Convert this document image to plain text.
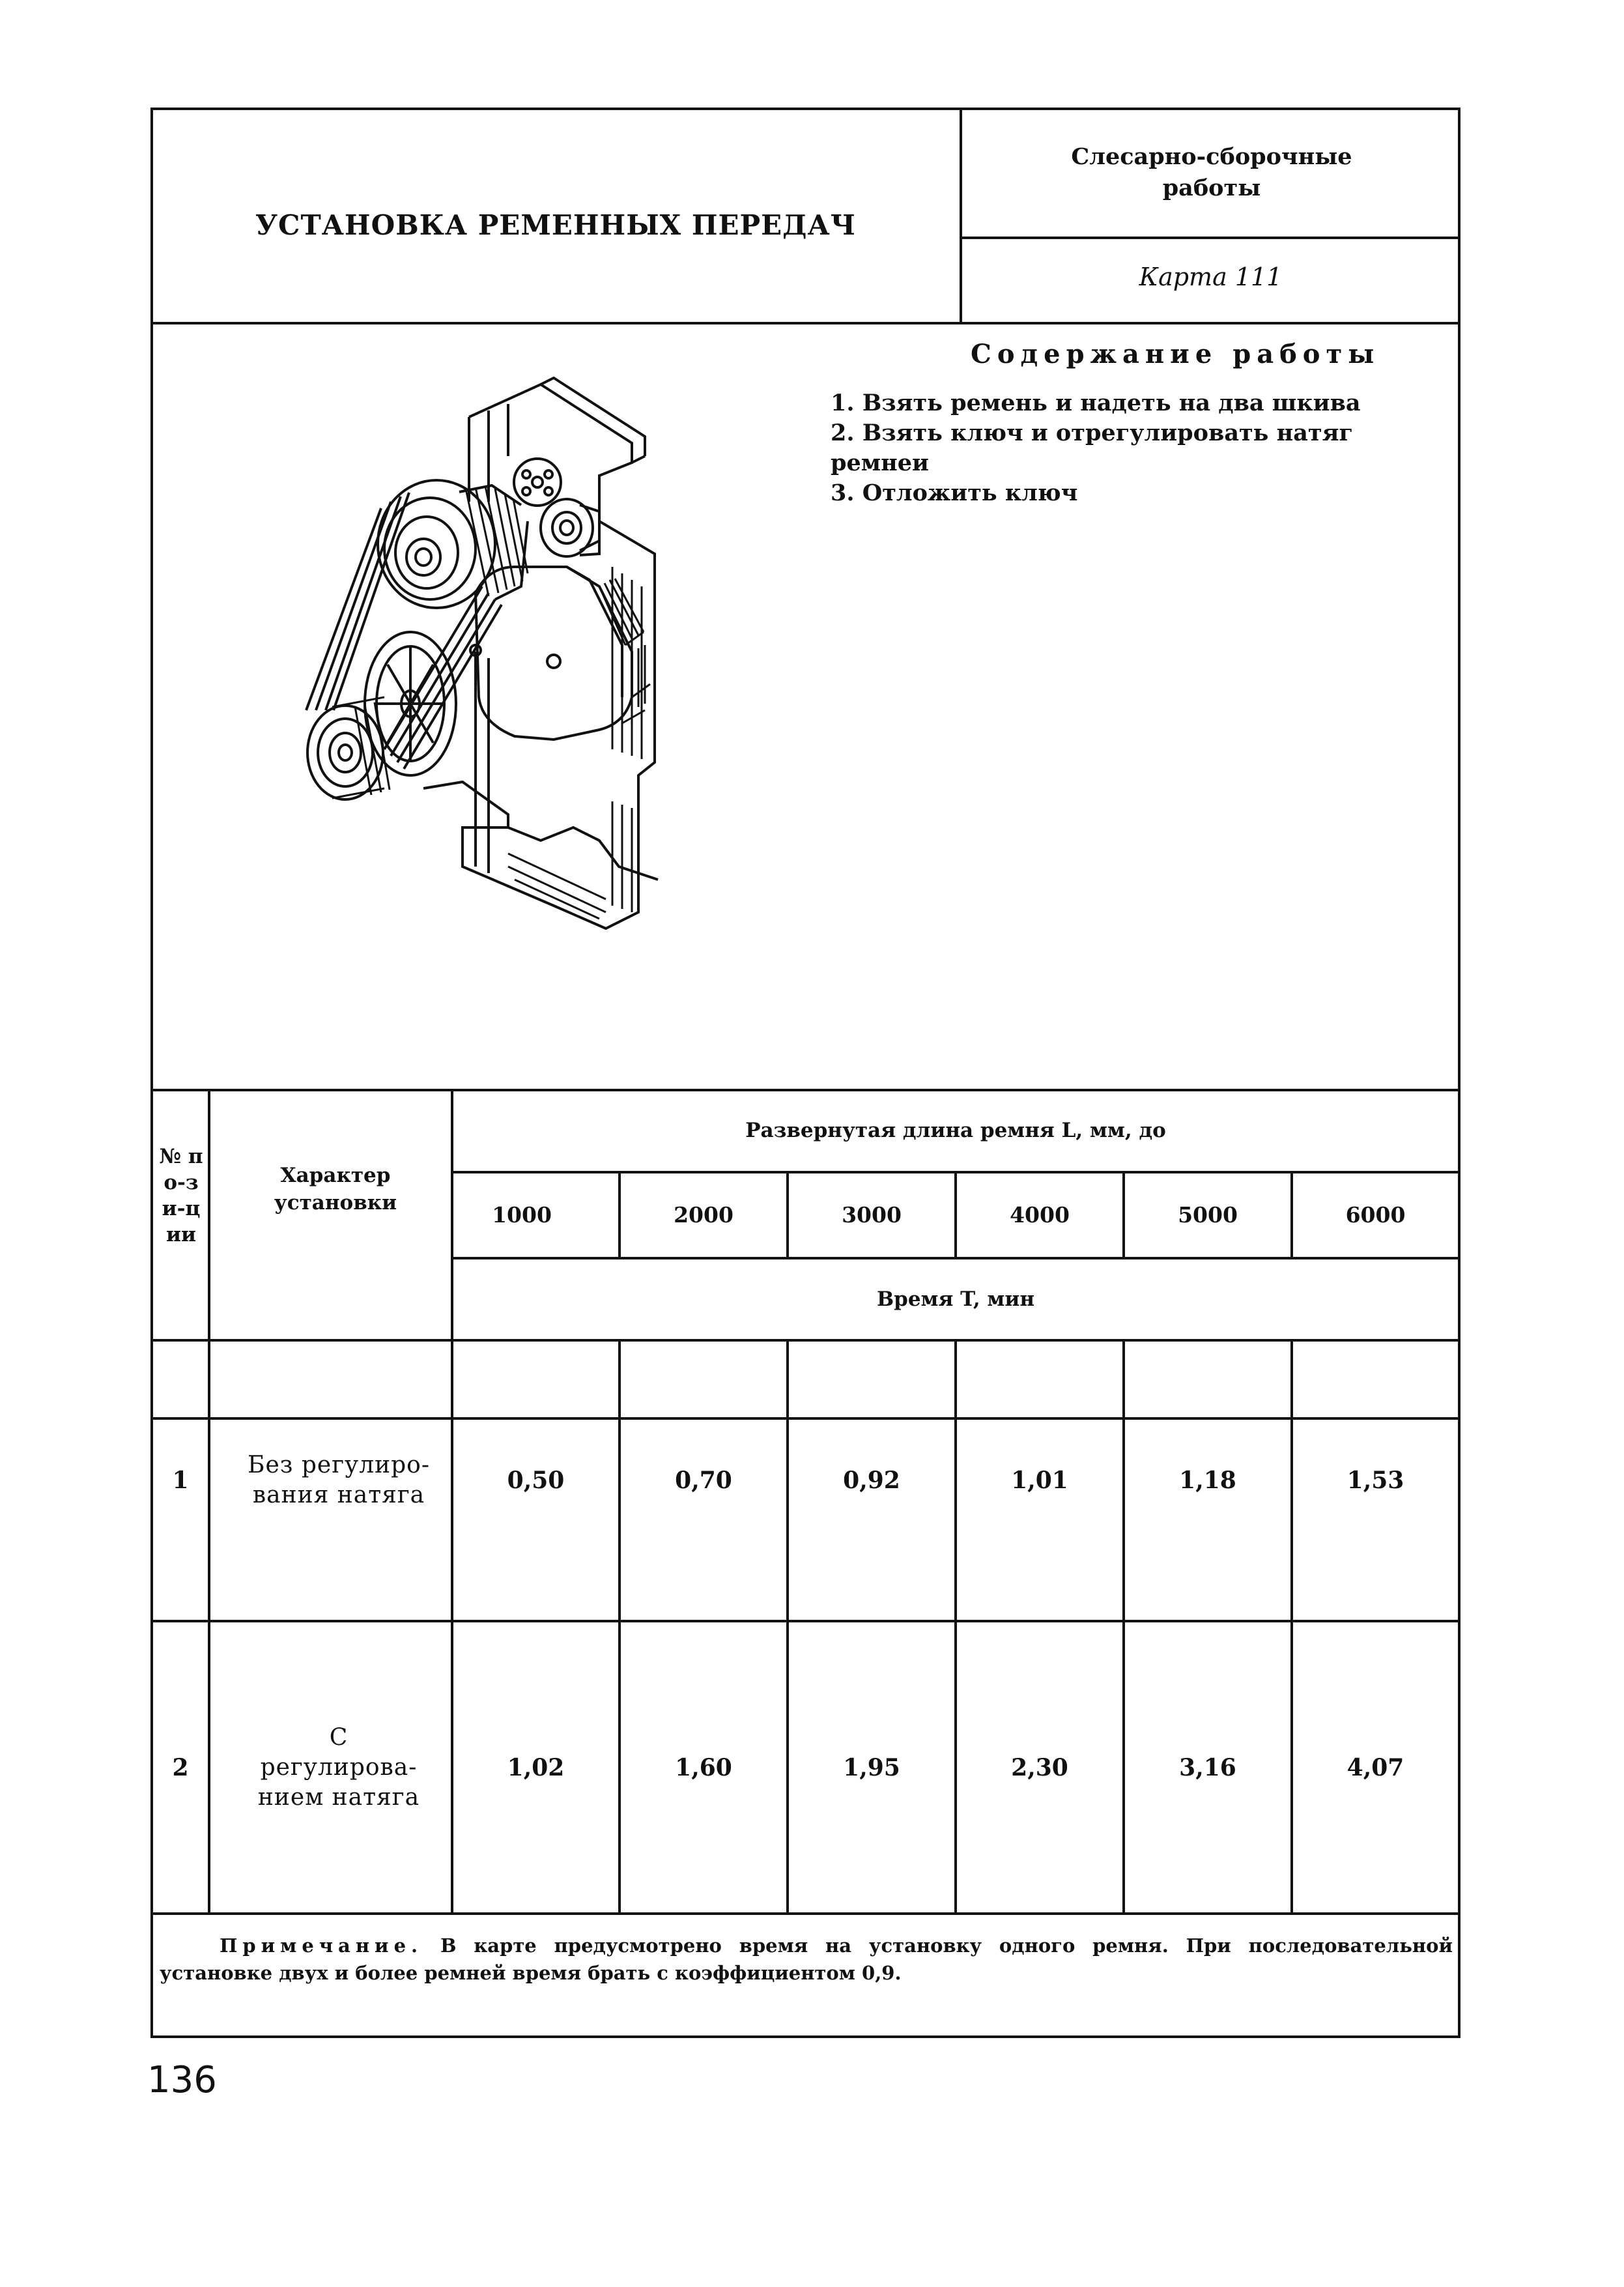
УСТАНОВКА РЕМЕННЫХ ПЕРЕДАЧ
Слесарно-сборочные работы
Карта 111
Содержание работы
1. Взять ремень и надеть на два шкива
2. Взять ключ и отрегулировать натяг ремнеи
3. Отложить ключ
№ по-зи-ции
Характер установки
Развернутая длина ремня L, мм, до
1000	2000	3000	4000	5000	6000
Время T, мин
1
Без регулиро-вания натяга
0,50	0,70	0,92	1,01	1,18	1,53
2
С регулирова-нием натяга
1,02	1,60	1,95	2,30	3,16	4,07
Примечание. В карте предусмотрено время на установку одного ремня. При последовательной установке двух и более ремней время брать с коэффициентом 0,9.
136
